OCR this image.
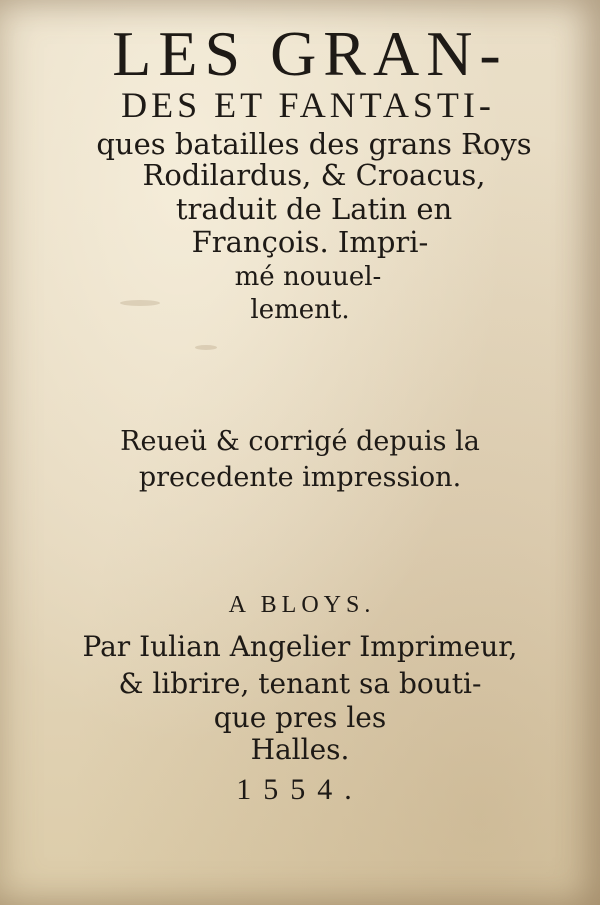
LES GRAN-
DES ET FANTASTI-
ques batailles des grans Roys
Rodilardus, & Croacus,
traduit de Latin en
François. Impri-
mé nouuel-
lement.
Reueü & corrigé depuis la
precedente impression.
A BLOYS.
Par Iulian Angelier Imprimeur,
& librire, tenant sa bouti-
que pres les
Halles.
1554.
